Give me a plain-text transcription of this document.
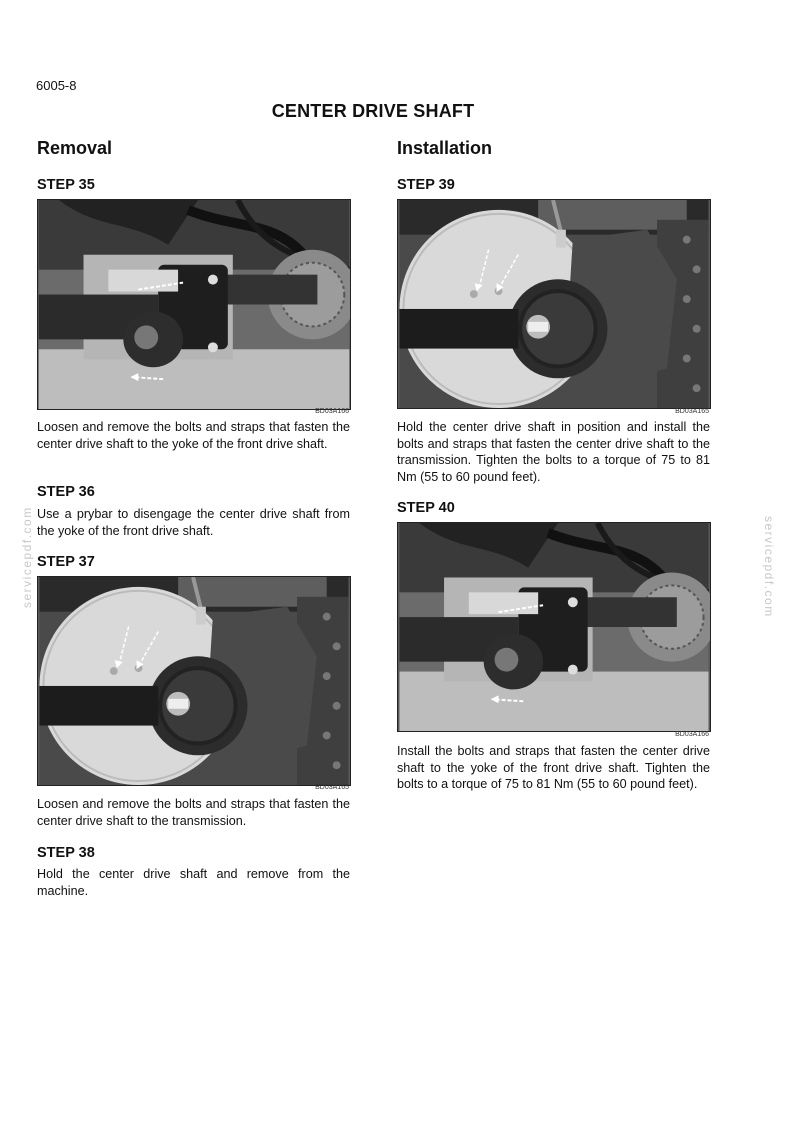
6005-8
CENTER DRIVE SHAFT
servicepdf.com	servicepdf.com
Removal
STEP 35
BD03A166
Loosen and remove the bolts and straps that fasten the center drive shaft to the yoke of the front drive shaft.
STEP 36
Use a prybar to disengage the center drive shaft from the yoke of the front drive shaft.
STEP 37
BD03A165
Loosen and remove the bolts and straps that fasten the center drive shaft to the transmission.
STEP 38
Hold the center drive shaft and remove from the machine.
Installation
STEP 39
BD03A165
Hold the center drive shaft in position and install the bolts and straps that fasten the center drive shaft to the transmission. Tighten the bolts to a torque of 75 to 81 Nm (55 to 60 pound feet).
STEP 40
BD03A166
Install the bolts and straps that fasten the center drive shaft to the yoke of the front drive shaft. Tighten the bolts to a torque of 75 to 81 Nm (55 to 60 pound feet).
